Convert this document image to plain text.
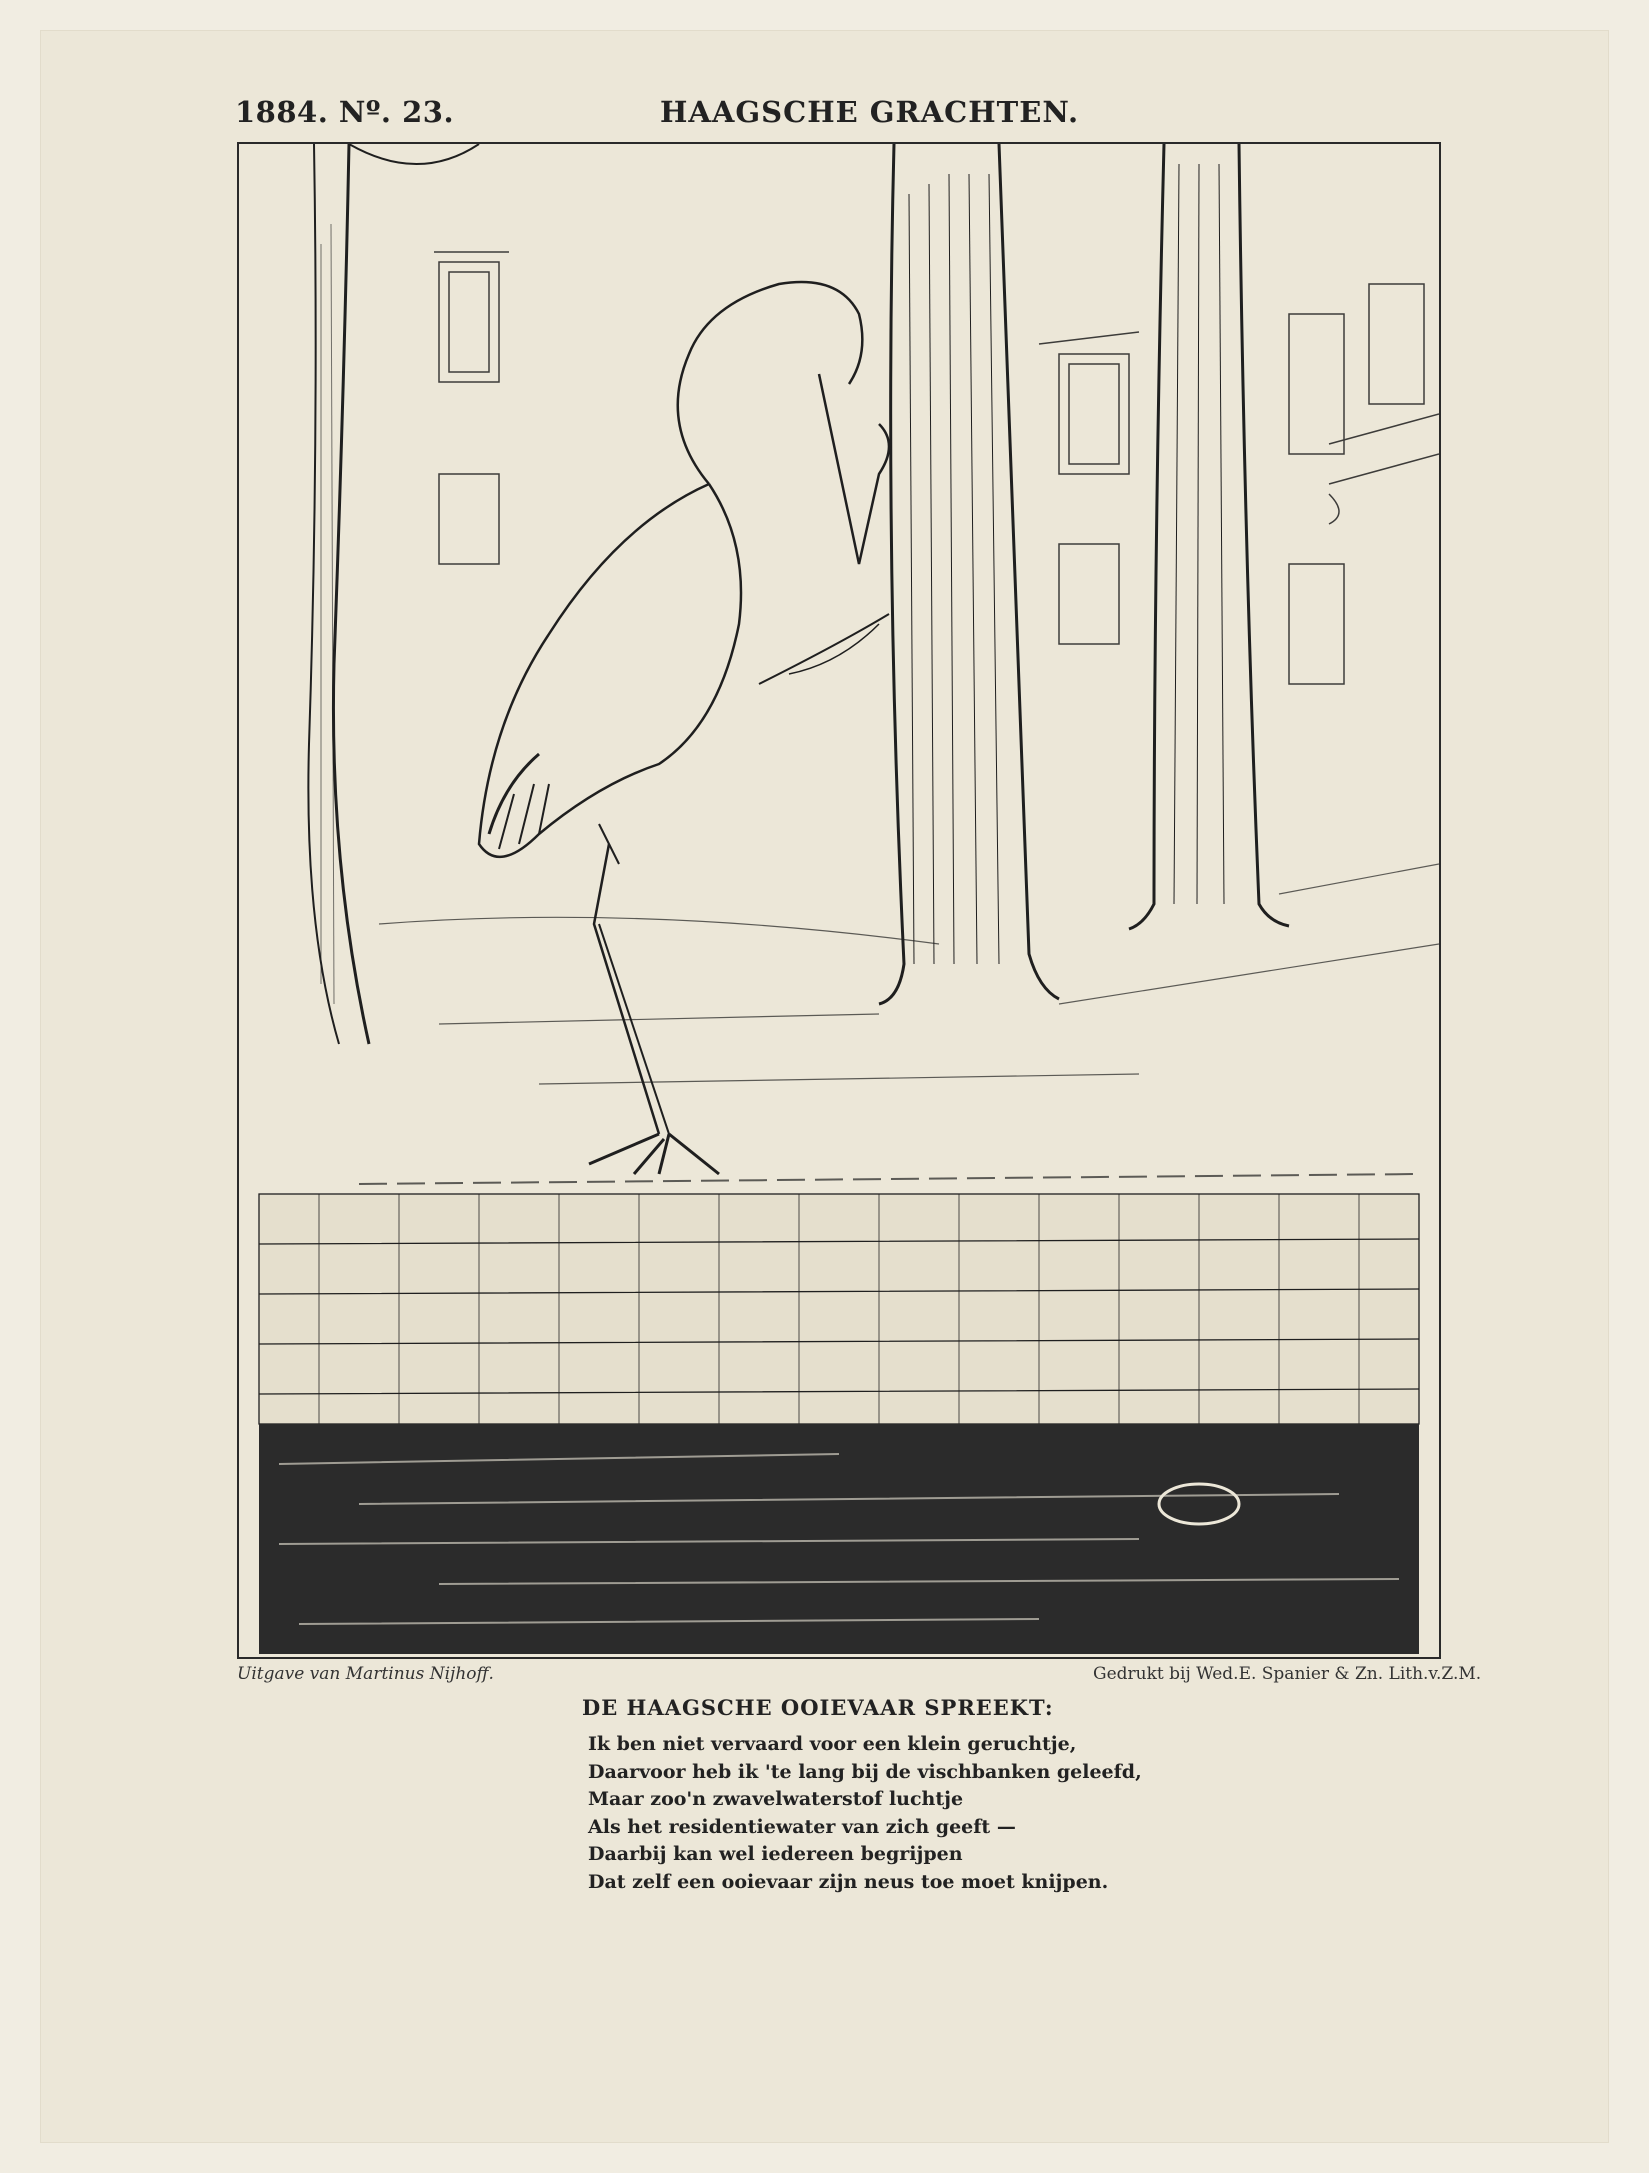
1884. Nº. 23.	HAAGSCHE GRACHTEN.
Uitgave van Martinus Nijhoff.	Gedrukt bij Wed.E. Spanier & Zn. Lith.v.Z.M.
DE HAAGSCHE OOIEVAAR SPREEKT:
Ik ben niet vervaard voor een klein geruchtje,
Daarvoor heb ik 'te lang bij de vischbanken geleefd,
Maar zoo'n zwavelwaterstof luchtje
Als het residentiewater van zich geeft —
Daarbij kan wel iedereen begrijpen
Dat zelf een ooievaar zijn neus toe moet knijpen.
